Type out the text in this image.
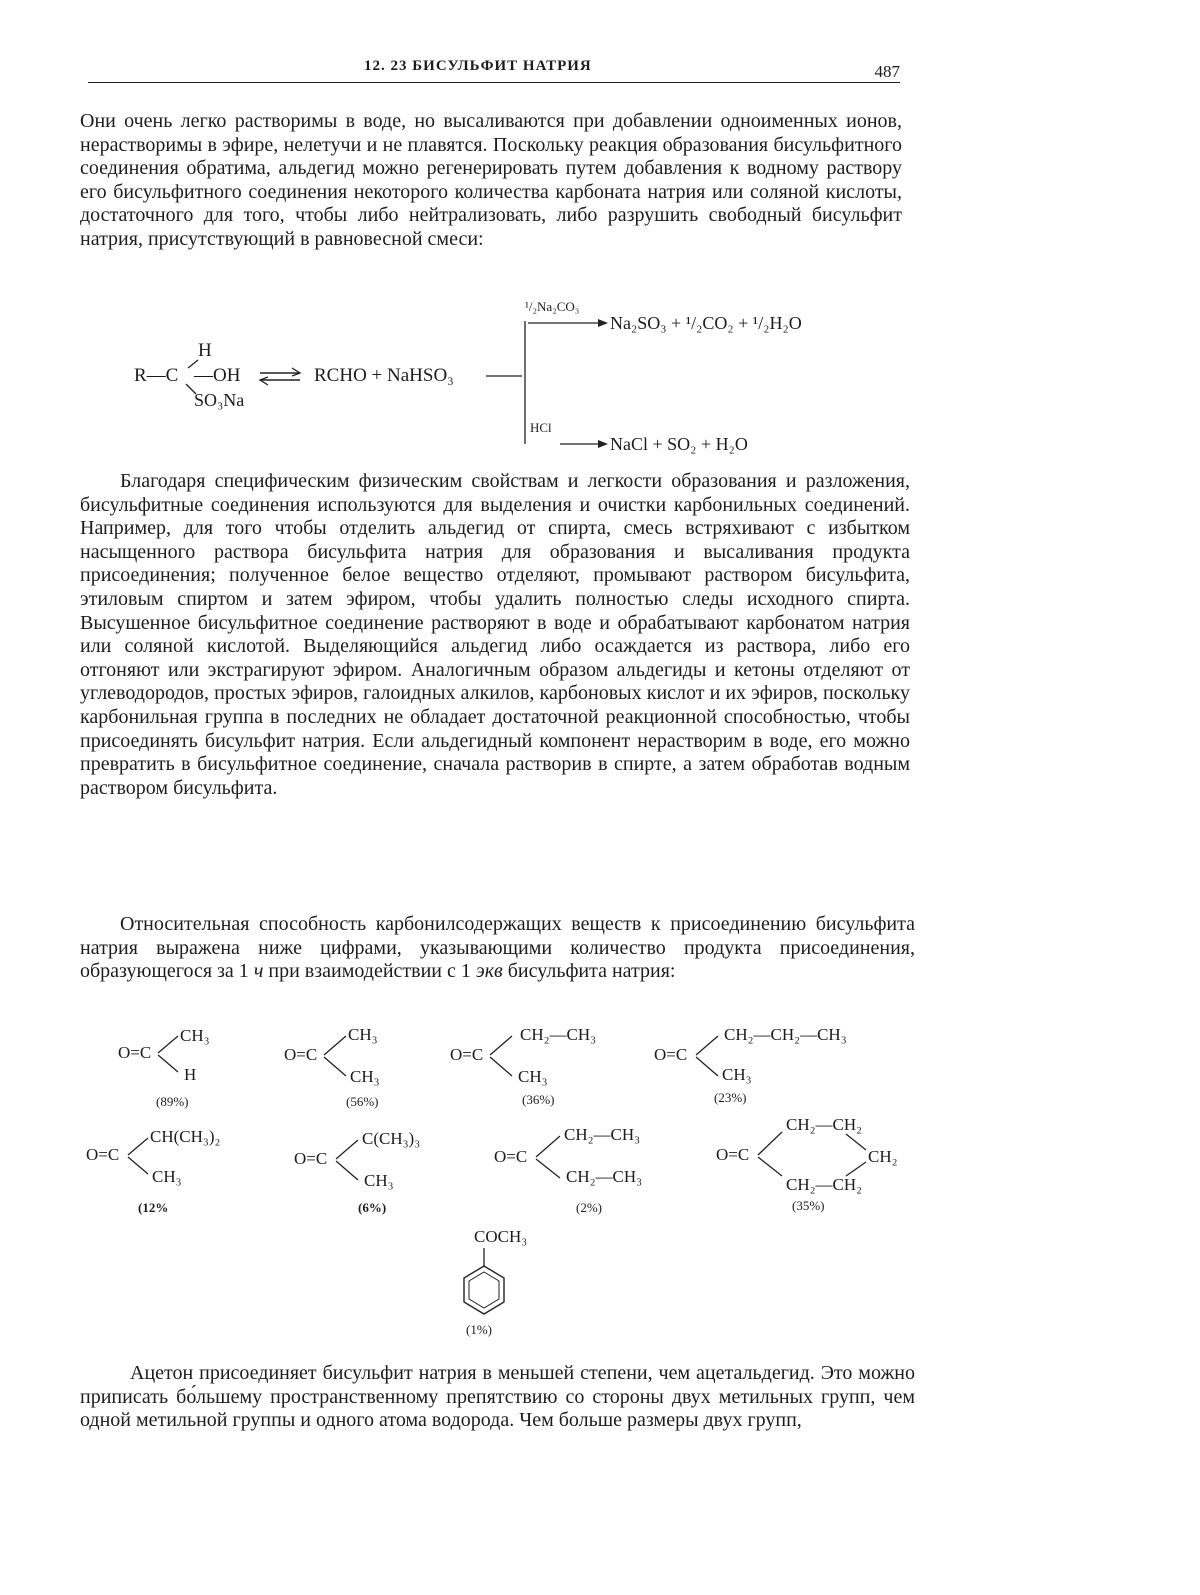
12. 23 БИСУЛЬФИТ НАТРИЯ	487
Они очень легко растворимы в воде, но высаливаются при добавлении одноименных ионов, нерастворимы в эфире, нелетучи и не плавятся. Поскольку реакция образования бисульфитного соединения обратима, альдегид можно регенерировать путем добавления к водному раствору его бисульфитного соединения некоторого количества карбоната натрия или соляной кислоты, достаточного для того, чтобы либо нейтрализовать, либо разрушить свободный бисульфит натрия, присутствующий в равновесной смеси:
R—C
H
—OH
SO₃Na
RCHO + NaHSO₃
¹/₂Na₂CO₃
Na₂SO₃ + ¹/₂CO₂ + ¹/₂H₂O
HCl
NaCl + SO₂ + H₂O
Благодаря специфическим физическим свойствам и легкости образования и разложения, бисульфитные соединения используются для выделения и очистки карбонильных соединений. Например, для того чтобы отделить альдегид от спирта, смесь встряхивают с избытком насыщенного раствора бисульфита натрия для образования и высаливания продукта присоединения; полученное белое вещество отделяют, промывают раствором бисульфита, этиловым спиртом и затем эфиром, чтобы удалить полностью следы исходного спирта. Высушенное бисульфитное соединение растворяют в воде и обрабатывают карбонатом натрия или соляной кислотой. Выделяющийся альдегид либо осаждается из раствора, либо его отгоняют или экстрагируют эфиром. Аналогичным образом альдегиды и кетоны отделяют от углеводородов, простых эфиров, галоидных алкилов, карбоновых кислот и их эфиров, поскольку карбонильная группа в последних не обладает достаточной реакционной способностью, чтобы присоединять бисульфит натрия. Если альдегидный компонент нерастворим в воде, его можно превратить в бисульфитное соединение, сначала растворив в спирте, а затем обработав водным раствором бисульфита.
Относительная способность карбонилсодержащих веществ к присоединению бисульфита натрия выражена ниже цифрами, указывающими количество продукта присоединения, образующегося за 1 ч при взаимодействии с 1 экв бисульфита натрия:
O=C
CH₃
H
(89%)
O=C
CH₃
CH₃
(56%)
O=C
CH₂—CH₃
CH₃
(36%)
O=C
CH₂—CH₂—CH₃
CH₃
(23%)
O=C
CH(CH₃)₂
CH₃
(12%
O=C
C(CH₃)₃
CH₃
(6%)
O=C
CH₂—CH₃
CH₂—CH₃
(2%)
O=C
CH₂—CH₂
CH₂
CH₂—CH₂
(35%)
COCH₃
(1%)
Ацетон присоединяет бисульфит натрия в меньшей степени, чем ацетальдегид. Это можно приписать бо́льшему пространственному препятствию со стороны двух метильных групп, чем одной метильной группы и одного атома водорода. Чем больше размеры двух групп,
